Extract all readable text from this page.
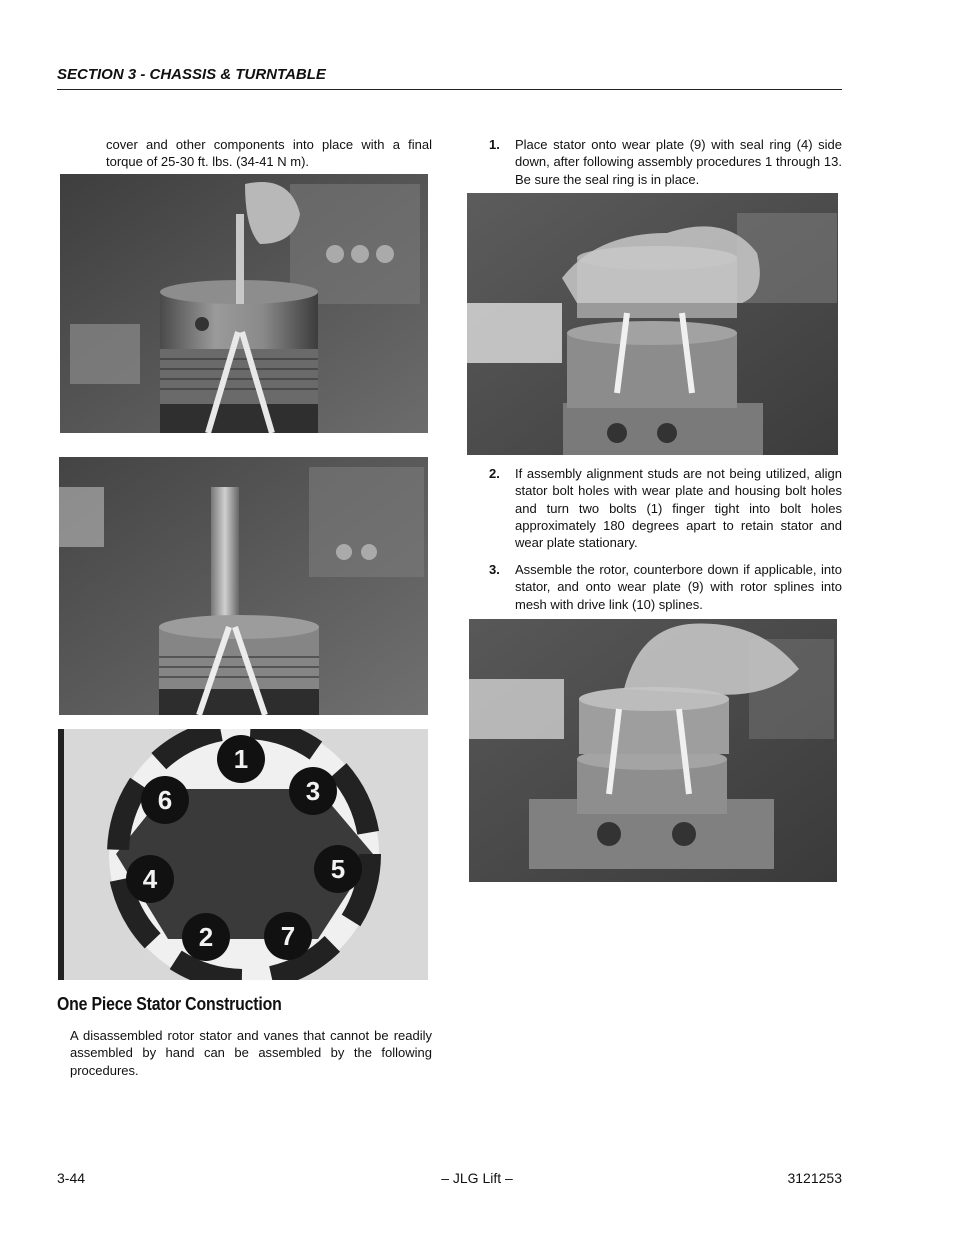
SECTION 3 - CHASSIS & TURNTABLE

cover and other components into place with a final torque of 25-30 ft. lbs. (34-41 N m).

1
3
5
7
2
4
6
One Piece Stator Construction

A disassembled rotor stator and vanes that cannot be readily assembled by hand can be assembled by the following procedures.

1. Place stator onto wear plate (9) with seal ring (4) side down, after following assembly procedures 1 through 13. Be sure the seal ring is in place.
2. If assembly alignment studs are not being utilized, align stator bolt holes with wear plate and housing bolt holes and turn two bolts (1) finger tight into bolt holes approximately 180 degrees apart to retain stator and wear plate stationary.
3. Assemble the rotor, counterbore down if applicable, into stator, and onto wear plate (9) with rotor splines into mesh with drive link (10) splines.
3-44	– JLG Lift –	3121253
